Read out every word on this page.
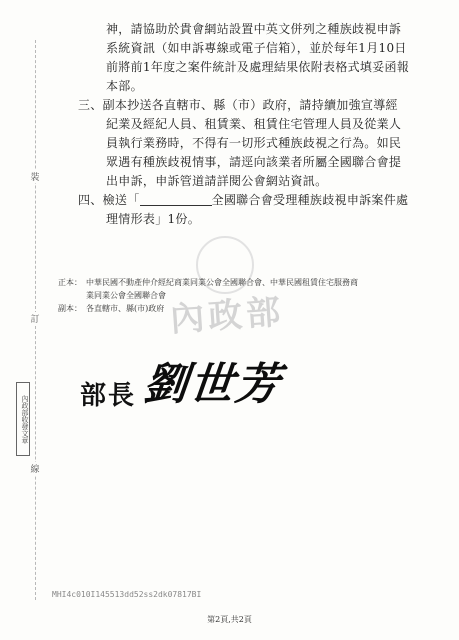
裝
訂
線
內政部收發文章

神，請協助於貴會網站設置中英文併列之種族歧視申訴

系統資訊（如申訴專線或電子信箱），並於每年1月10日

前將前1年度之案件統計及處理結果依附表格式填妥函報

本部。

三、副本抄送各直轄市、縣（市）政府，請持續加強宣導經

紀業及經紀人員、租賃業、租賃住宅管理人員及從業人

員執行業務時，不得有一切形式種族歧視之行為。如民

眾遇有種族歧視情事，請逕向該業者所屬全國聯合會提

出申訴，申訴管道請詳閱公會網站資訊。

四、檢送「	全國聯合會受理種族歧視申訴案件處

理情形表」1份。

正本： 中華民國不動產仲介經紀商業同業公會全國聯合會、中華民國租賃住宅服務商
業同業公會全國聯合會
副本： 各直轄市、縣(市)政府 內政部
部長 劉世芳
MHI4c010I145513dd52ss2dk07817BI
第2頁,共2頁
